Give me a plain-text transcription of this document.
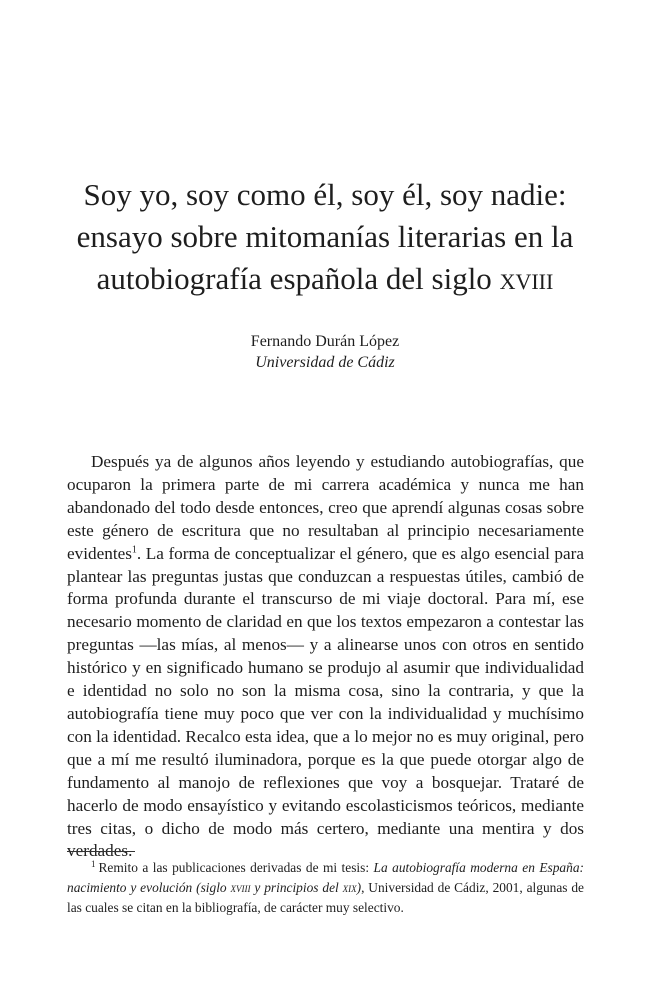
Soy yo, soy como él, soy él, soy nadie:
ensayo sobre mitomanías literarias en la
autobiografía española del siglo xviii
Fernando Durán López
Universidad de Cádiz

Después ya de algunos años leyendo y estudiando autobiografías, que ocuparon la primera parte de mi carrera académica y nunca me han abandonado del todo desde entonces, creo que aprendí algunas cosas sobre este género de escritura que no resultaban al principio necesariamente evidentes$^1$. La forma de conceptualizar el género, que es algo esencial para plantear las preguntas justas que conduzcan a respuestas útiles, cambió de forma profunda durante el transcurso de mi viaje doctoral. Para mí, ese necesario momento de claridad en que los textos empezaron a contestar las preguntas —las mías, al menos— y a alinearse unos con otros en sentido histórico y en significado humano se produjo al asumir que individualidad e identidad no solo no son la misma cosa, sino la contraria, y que la autobiografía tiene muy poco que ver con la individualidad y muchísimo con la identidad. Recalco esta idea, que a lo mejor no es muy original, pero que a mí me resultó iluminadora, porque es la que puede otorgar algo de fundamento al manojo de reflexiones que voy a bosquejar. Trataré de hacerlo de modo ensayístico y evitando escolasticismos teóricos, mediante tres citas, o dicho de modo más certero, mediante una mentira y dos verdades.

$^1$ Remito a las publicaciones derivadas de mi tesis: La autobiografía moderna en España: nacimiento y evolución (siglo xviii y principios del xix), Universidad de Cádiz, 2001, algunas de las cuales se citan en la bibliografía, de carácter muy selectivo.
